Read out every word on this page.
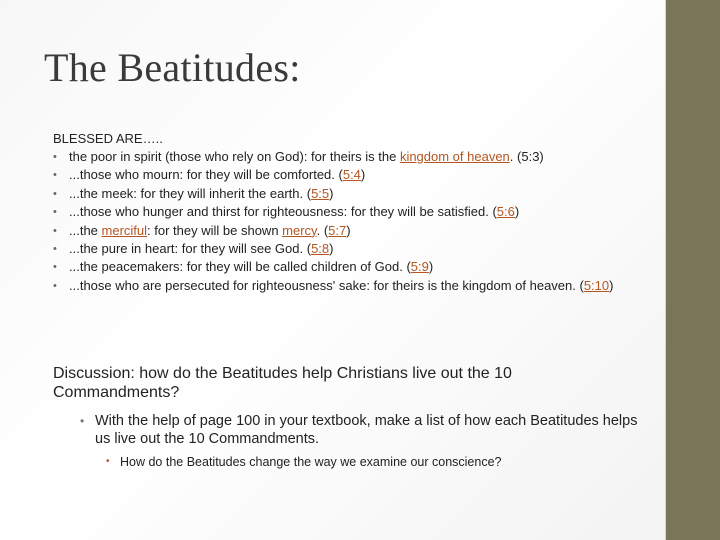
The Beatitudes:
BLESSED ARE…..
• the poor in spirit (those who rely on God): for theirs is the kingdom of heaven. (5:3)
• ...those who mourn: for they will be comforted. (5:4)
• ...the meek: for they will inherit the earth. (5:5)
• ...those who hunger and thirst for righteousness: for they will be satisfied. (5:6)
• ...the merciful: for they will be shown mercy. (5:7)
• ...the pure in heart: for they will see God. (5:8)
• ...the peacemakers: for they will be called children of God. (5:9)
• ...those who are persecuted for righteousness' sake: for theirs is the kingdom of heaven. (5:10)
Discussion: how do the Beatitudes help Christians live out the 10 Commandments?
• With the help of page 100 in your textbook, make a list of how each Beatitudes helps us live out the 10 Commandments.
• How do the Beatitudes change the way we examine our conscience?
